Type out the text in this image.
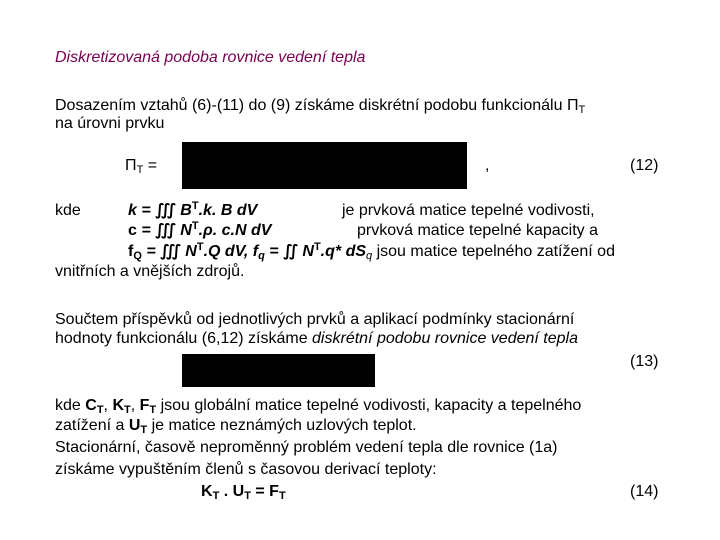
Diskretizovaná podoba rovnice vedení tepla
Dosazením vztahů (6)-(11) do (9) získáme diskrétní podobu funkcionálu $\Pi_T$
na úrovni prvku
$\Pi_T$ =	,	(12)
kde	k = ∭ $B^T.k$. B dV	je prvková matice tepelné vodivosti,
c = ∭ $N^T.\rho$. c.N dV	prvková matice tepelné kapacity a
$f_Q$ = ∭ $N^T.Q$ dV, $f_q$ = ∬ $N^T.q*$ $dS_q$ jsou matice tepelného zatížení od
vnitřních a vnějších zdrojů.
Součtem příspěvků od jednotlivých prvků a aplikací podmínky stacionární
hodnoty funkcionálu (6,12) získáme diskrétní podobu rovnice vedení tepla
(13)
kde $C_T$, $K_T$, $F_T$ jsou globální matice tepelné vodivosti, kapacity a tepelného
zatížení a $U_T$ je matice neznámých uzlových teplot.
Stacionární, časově neproměnný problém vedení tepla dle rovnice (1a)
získáme vypuštěním členů s časovou derivací teploty:
$K_T$ . $U_T = F_T$	(14)
